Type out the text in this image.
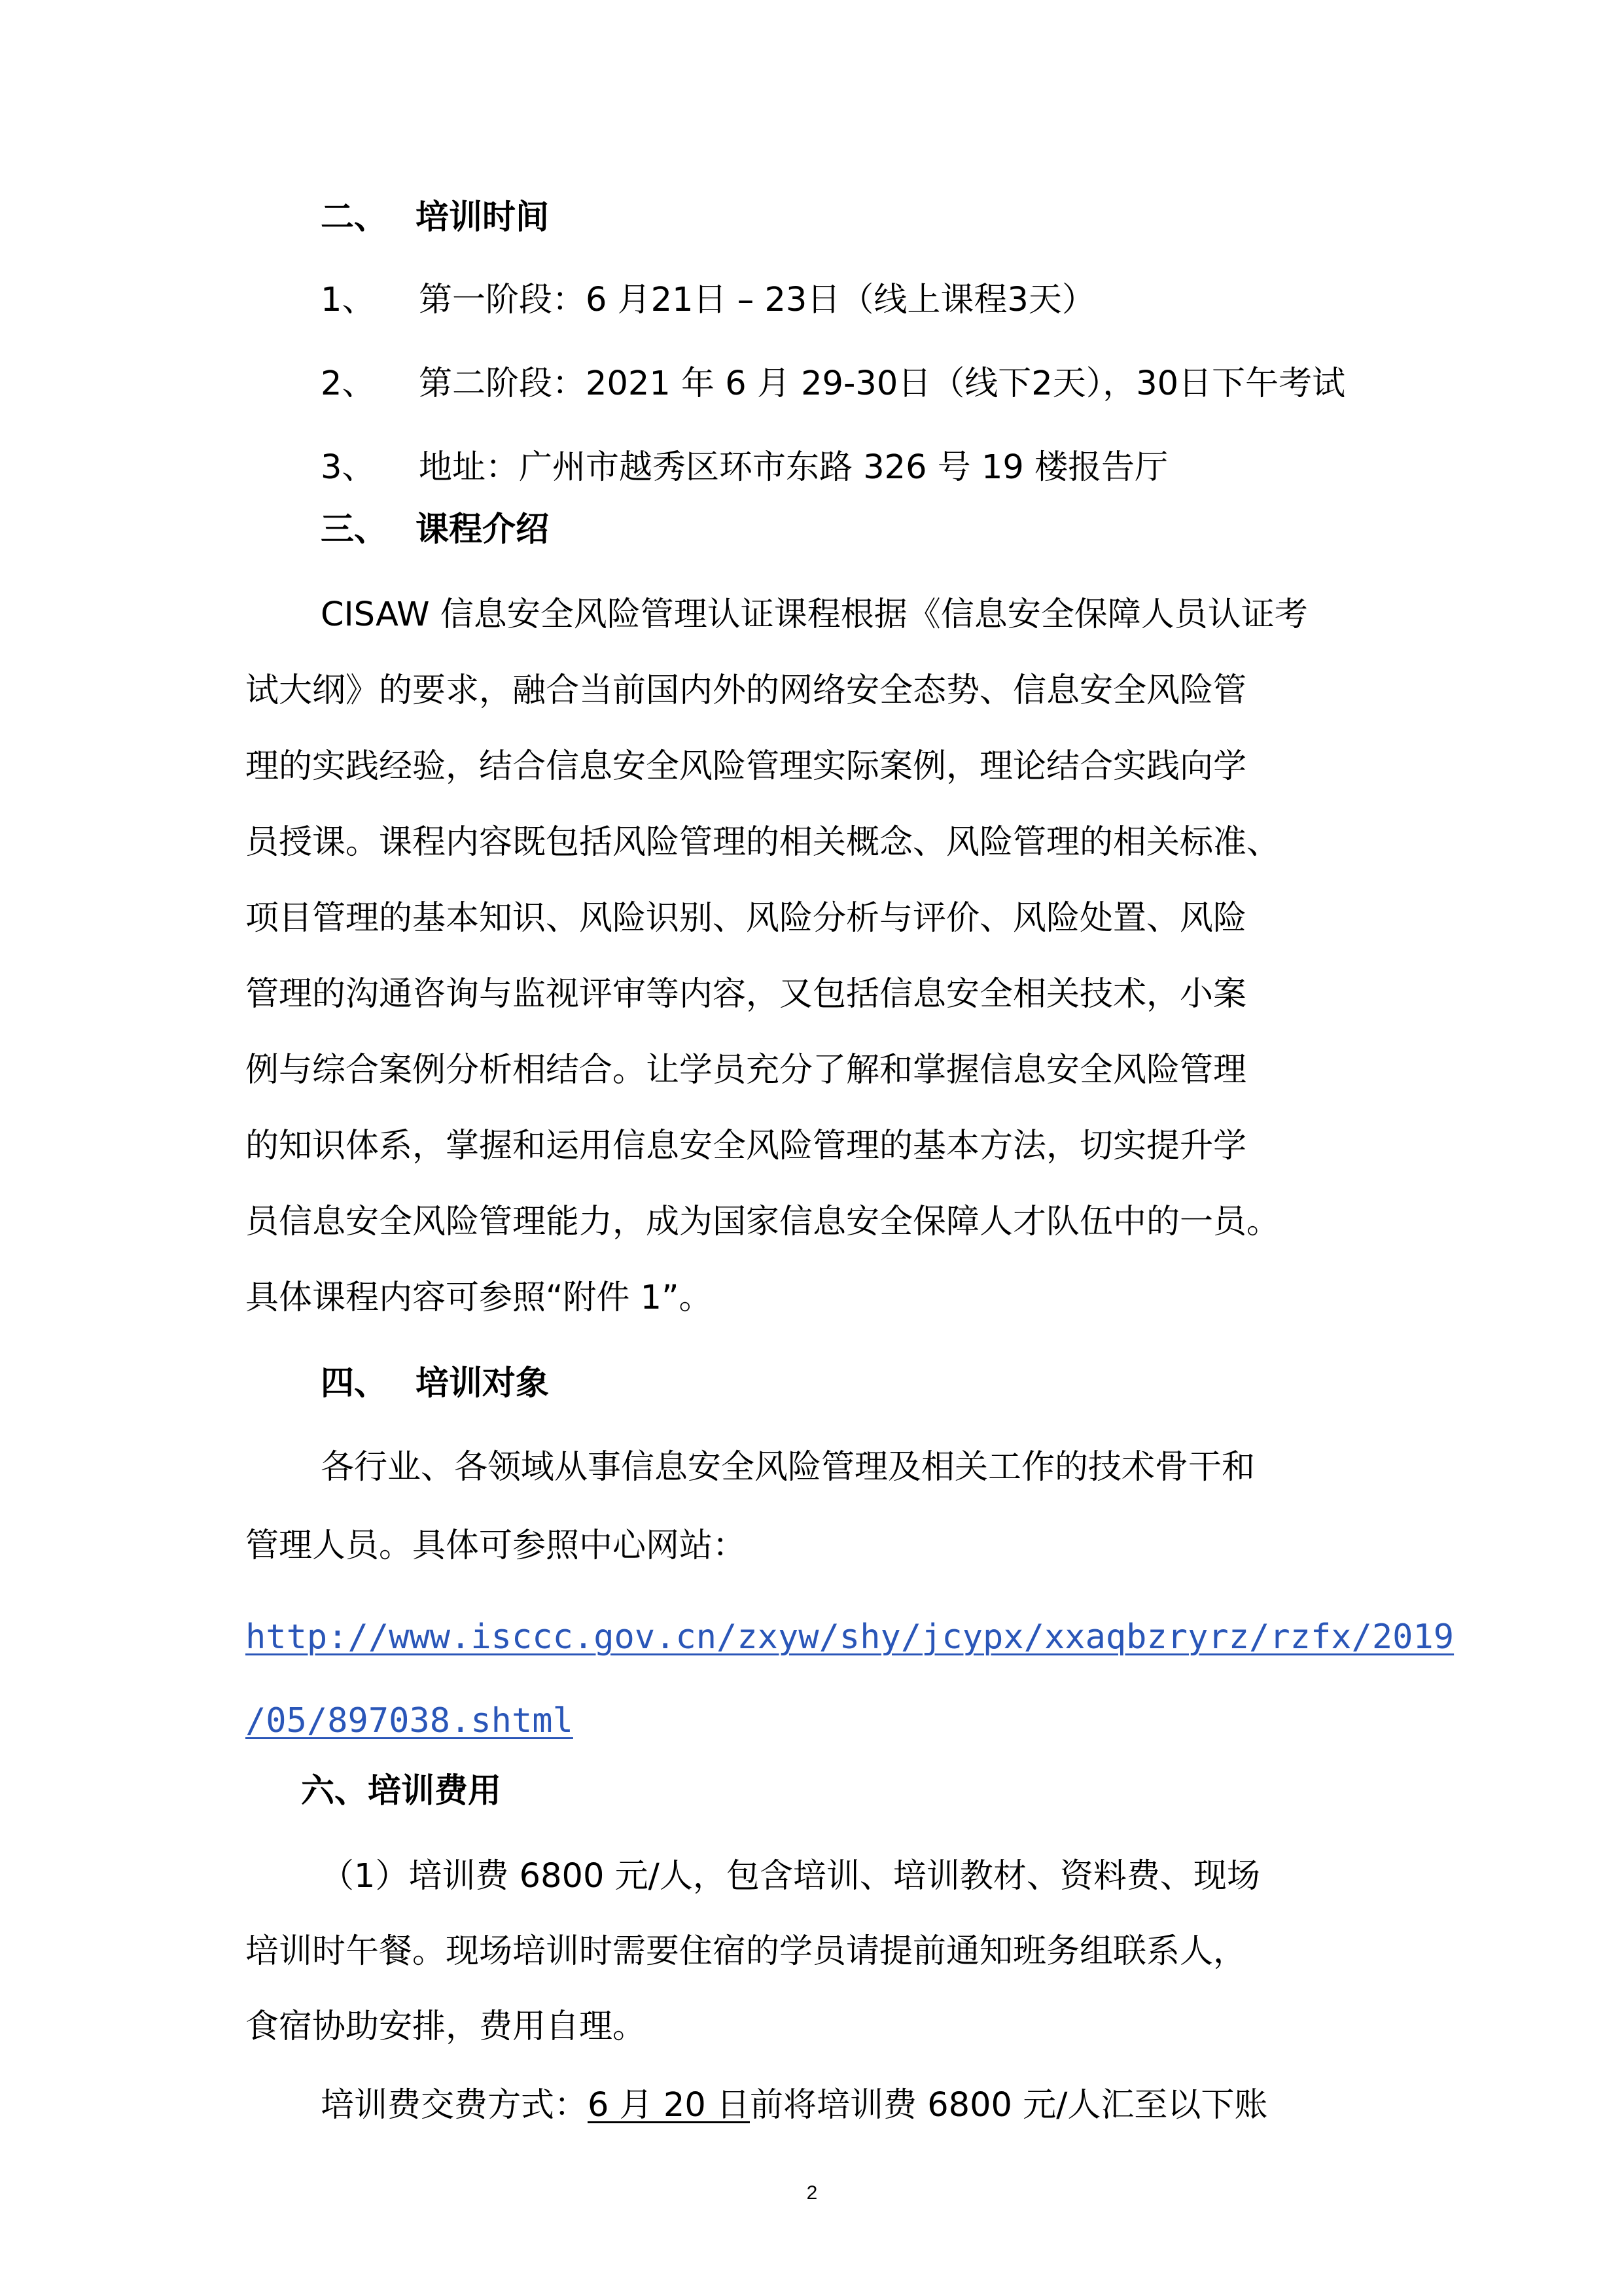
二、 培训时间
1、 第一阶段：6 月21日 – 23日（线上课程3天）
2、 第二阶段：2021 年 6 月 29-30日（线下2天），30日下午考试
3、 地址：广州市越秀区环市东路 326 号 19 楼报告厅
三、 课程介绍
CISAW 信息安全风险管理认证课程根据《信息安全保障人员认证考
试大纲》的要求，融合当前国内外的网络安全态势、信息安全风险管
理的实践经验，结合信息安全风险管理实际案例，理论结合实践向学
员授课。课程内容既包括风险管理的相关概念、风险管理的相关标准、
项目管理的基本知识、风险识别、风险分析与评价、风险处置、风险
管理的沟通咨询与监视评审等内容，又包括信息安全相关技术，小案
例与综合案例分析相结合。让学员充分了解和掌握信息安全风险管理
的知识体系，掌握和运用信息安全风险管理的基本方法，切实提升学
员信息安全风险管理能力，成为国家信息安全保障人才队伍中的一员。
具体课程内容可参照“附件 1”。
四、 培训对象
各行业、各领域从事信息安全风险管理及相关工作的技术骨干和
管理人员。具体可参照中心网站：
http://www.isccc.gov.cn/zxyw/shy/jcypx/xxaqbzryrz/rzfx/2019
/05/897038.shtml
六、培训费用
（1）培训费 6800 元/人，包含培训、培训教材、资料费、现场
培训时午餐。现场培训时需要住宿的学员请提前通知班务组联系人，
食宿协助安排，费用自理。
培训费交费方式：6 月 20 日前将培训费 6800 元/人汇至以下账
2
